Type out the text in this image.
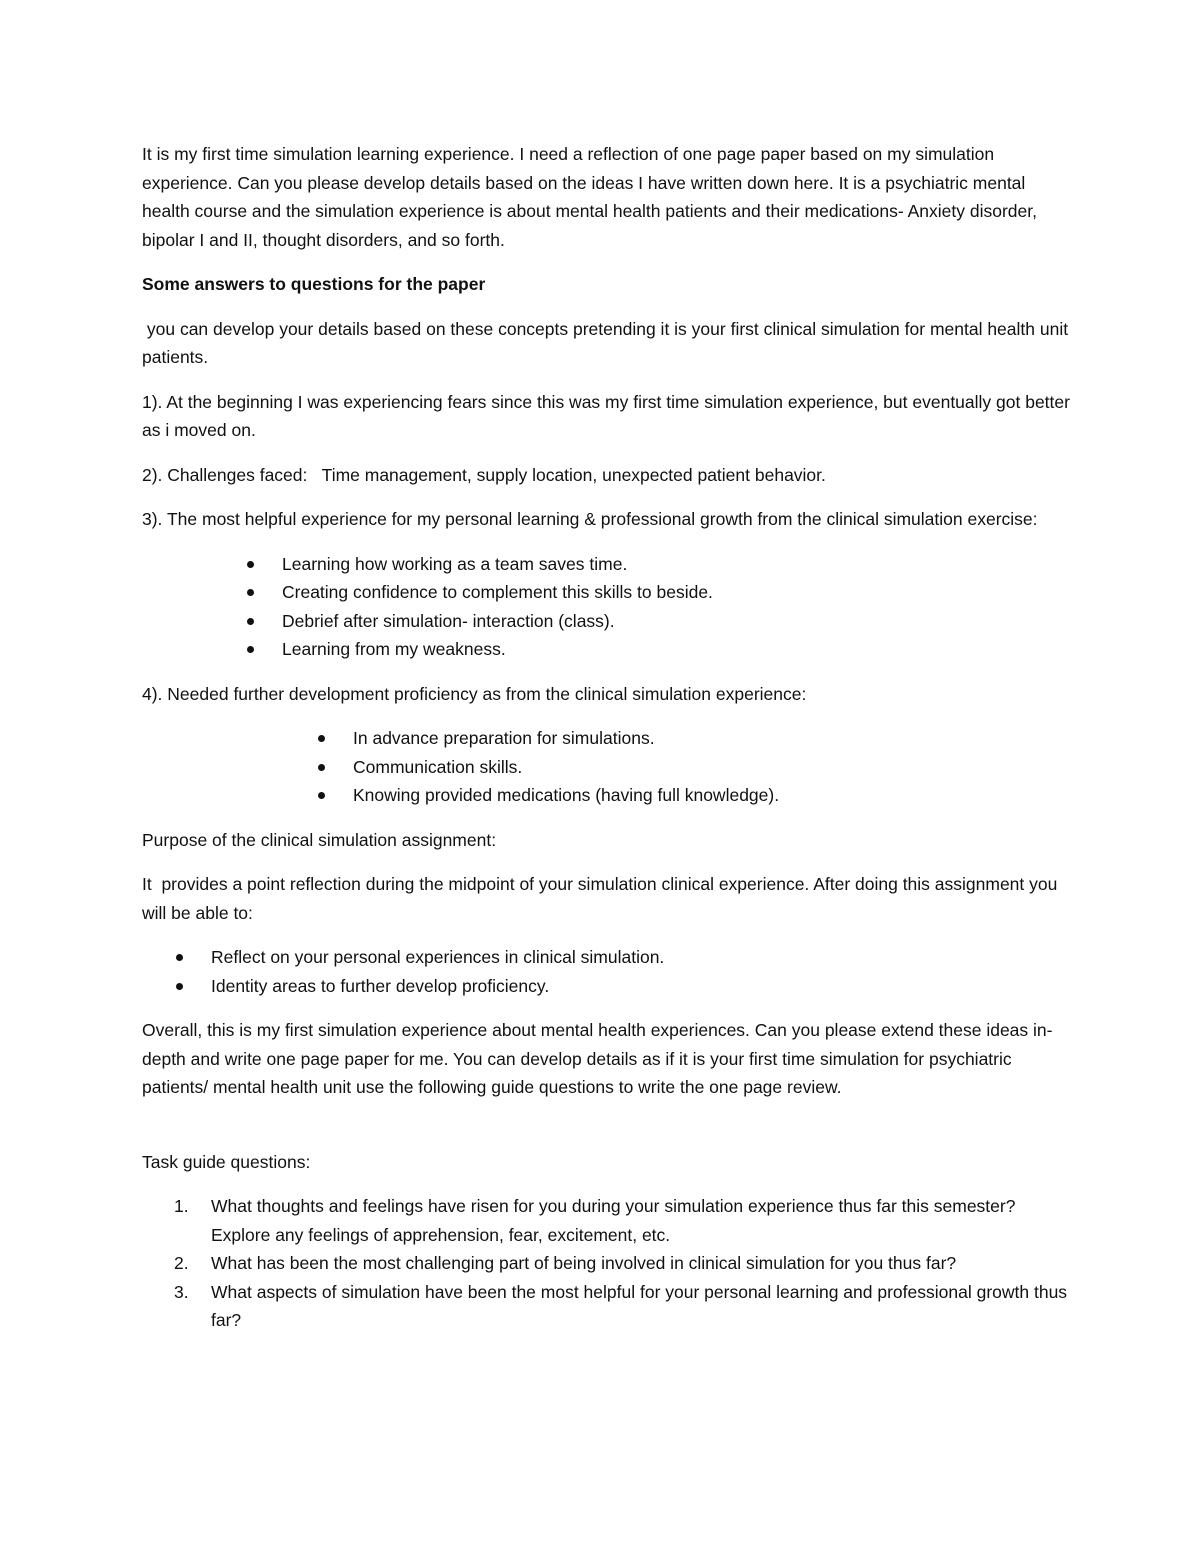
It is my first time simulation learning experience. I need a reflection of one page paper based on my simulation experience. Can you please develop details based on the ideas I have written down here. It is a psychiatric mental health course and the simulation experience is about mental health patients and their medications- Anxiety disorder, bipolar I and II, thought disorders, and so forth.

Some answers to questions for the paper

you can develop your details based on these concepts pretending it is your first clinical simulation for mental health unit patients.

1). At the beginning I was experiencing fears since this was my first time simulation experience, but eventually got better as i moved on.

2). Challenges faced:   Time management, supply location, unexpected patient behavior.

3). The most helpful experience for my personal learning & professional growth from the clinical simulation exercise:

Learning how working as a team saves time.
Creating confidence to complement this skills to beside.
Debrief after simulation- interaction (class).
Learning from my weakness.

4). Needed further development proficiency as from the clinical simulation experience:

In advance preparation for simulations.
Communication skills.
Knowing provided medications (having full knowledge).

Purpose of the clinical simulation assignment:

It  provides a point reflection during the midpoint of your simulation clinical experience. After doing this assignment you will be able to:

Reflect on your personal experiences in clinical simulation.
Identity areas to further develop proficiency.

Overall, this is my first simulation experience about mental health experiences. Can you please extend these ideas in-depth and write one page paper for me. You can develop details as if it is your first time simulation for psychiatric patients/ mental health unit use the following guide questions to write the one page review.

Task guide questions:

1. What thoughts and feelings have risen for you during your simulation experience thus far this semester? Explore any feelings of apprehension, fear, excitement, etc.
2. What has been the most challenging part of being involved in clinical simulation for you thus far?
3. What aspects of simulation have been the most helpful for your personal learning and professional growth thus far?
